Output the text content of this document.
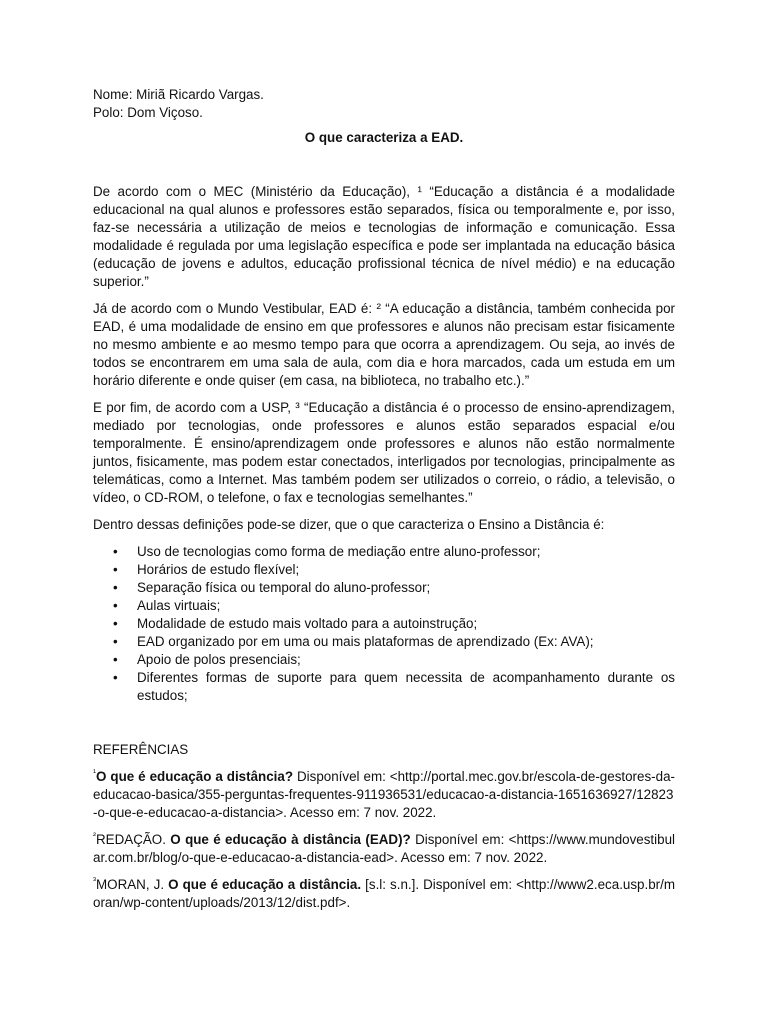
Nome: Miriã Ricardo Vargas.

Polo: Dom Viçoso.

O que caracteriza a EAD.

De acordo com o MEC (Ministério da Educação), ¹ “Educação a distância é a modalidade educacional na qual alunos e professores estão separados, física ou temporalmente e, por isso, faz-se necessária a utilização de meios e tecnologias de informação e comunicação. Essa modalidade é regulada por uma legislação específica e pode ser implantada na educação básica (educação de jovens e adultos, educação profissional técnica de nível médio) e na educação superior.”

Já de acordo com o Mundo Vestibular, EAD é: ² “A educação a distância, também conhecida por EAD, é uma modalidade de ensino em que professores e alunos não precisam estar fisicamente no mesmo ambiente e ao mesmo tempo para que ocorra a aprendizagem. Ou seja, ao invés de todos se encontrarem em uma sala de aula, com dia e hora marcados, cada um estuda em um horário diferente e onde quiser (em casa, na biblioteca, no trabalho etc.).”

E por fim, de acordo com a USP, ³ “Educação a distância é o processo de ensino-aprendizagem, mediado por tecnologias, onde professores e alunos estão separados espacial e/ou temporalmente. É ensino/aprendizagem onde professores e alunos não estão normalmente juntos, fisicamente, mas podem estar conectados, interligados por tecnologias, principalmente as telemáticas, como a Internet. Mas também podem ser utilizados o correio, o rádio, a televisão, o vídeo, o CD-ROM, o telefone, o fax e tecnologias semelhantes.”

Dentro dessas definições pode-se dizer, que o que caracteriza o Ensino a Distância é:

• Uso de tecnologias como forma de mediação entre aluno-professor;
• Horários de estudo flexível;
• Separação física ou temporal do aluno-professor;
• Aulas virtuais;
• Modalidade de estudo mais voltado para a autoinstrução;
• EAD organizado por em uma ou mais plataformas de aprendizado (Ex: AVA);
• Apoio de polos presenciais;
• Diferentes formas de suporte para quem necessita de acompanhamento durante os estudos;

REFERÊNCIAS

$^{^1}$O que é educação a distância? Disponível em: <http://portal.mec.gov.br/escola-de-gestores-da-educacao-basica/355-perguntas-frequentes-911936531/educacao-a-distancia-1651636927/12823-o-que-e-educacao-a-distancia>. Acesso em: 7 nov. 2022.

$^{^2}$REDAÇÃO. O que é educação à distância (EAD)? Disponível em: <https://www.mundovestibular.com.br/blog/o-que-e-educacao-a-distancia-ead>. Acesso em: 7 nov. 2022.

$^{^3}$MORAN, J. O que é educação a distância. [s.l: s.n.]. Disponível em: <http://www2.eca.usp.br/moran/wp-content/uploads/2013/12/dist.pdf>.
